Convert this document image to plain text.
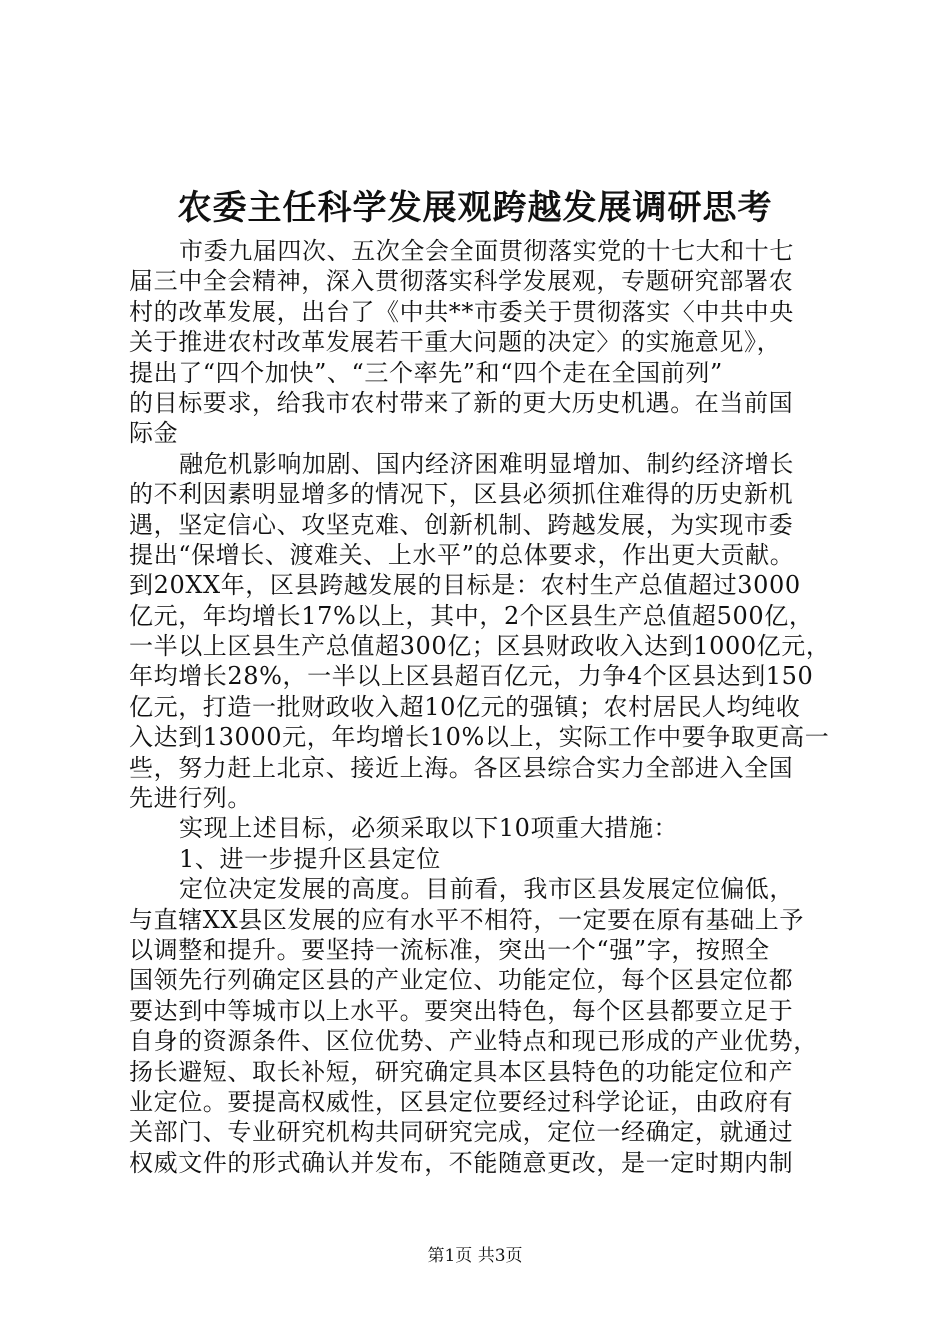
农委主任科学发展观跨越发展调研思考
市委九届四次、五次全会全面贯彻落实党的十七大和十七
届三中全会精神，深入贯彻落实科学发展观，专题研究部署农
村的改革发展，出台了《中共**市委关于贯彻落实〈中共中央
关于推进农村改革发展若干重大问题的决定〉的实施意见》，
提出了“四个加快”、“三个率先”和“四个走在全国前列”
的目标要求，给我市农村带来了新的更大历史机遇。在当前国
际金
融危机影响加剧、国内经济困难明显增加、制约经济增长
的不利因素明显增多的情况下，区县必须抓住难得的历史新机
遇，坚定信心、攻坚克难、创新机制、跨越发展，为实现市委
提出“保增长、渡难关、上水平”的总体要求，作出更大贡献。
到20XX年，区县跨越发展的目标是：农村生产总值超过3000
亿元，年均增长17%以上，其中，2个区县生产总值超500亿，
一半以上区县生产总值超300亿；区县财政收入达到1000亿元，
年均增长28%，一半以上区县超百亿元，力争4个区县达到150
亿元，打造一批财政收入超10亿元的强镇；农村居民人均纯收
入达到13000元，年均增长10%以上，实际工作中要争取更高一
些，努力赶上北京、接近上海。各区县综合实力全部进入全国
先进行列。
实现上述目标，必须采取以下10项重大措施：
1、进一步提升区县定位
定位决定发展的高度。目前看，我市区县发展定位偏低，
与直辖XX县区发展的应有水平不相符，一定要在原有基础上予
以调整和提升。要坚持一流标准，突出一个“强”字，按照全
国领先行列确定区县的产业定位、功能定位，每个区县定位都
要达到中等城市以上水平。要突出特色，每个区县都要立足于
自身的资源条件、区位优势、产业特点和现已形成的产业优势，
扬长避短、取长补短，研究确定具本区县特色的功能定位和产
业定位。要提高权威性，区县定位要经过科学论证，由政府有
关部门、专业研究机构共同研究完成，定位一经确定，就通过
权威文件的形式确认并发布，不能随意更改，是一定时期内制
第1页 共3页
